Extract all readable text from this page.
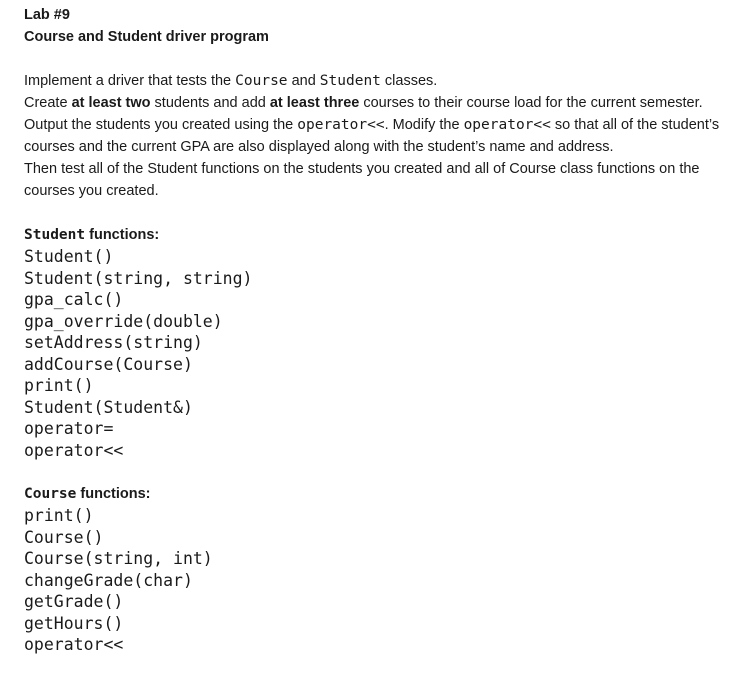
Lab #9

Course and Student driver program

Implement a driver that tests the Course and Student classes.

Create at least two students and add at least three courses to their course load for the current semester. Output the students you created using the operator<<. Modify the operator<< so that all of the student’s courses and the current GPA are also displayed along with the student’s name and address.

Then test all of the Student functions on the students you created and all of Course class functions on the courses you created.

Student functions:

Student()
Student(string, string)
gpa_calc()
gpa_override(double)
setAddress(string)
addCourse(Course)
print()
Student(Student&)
operator=
operator<<

Course functions:

print()
Course()
Course(string, int)
changeGrade(char)
getGrade()
getHours()
operator<<
